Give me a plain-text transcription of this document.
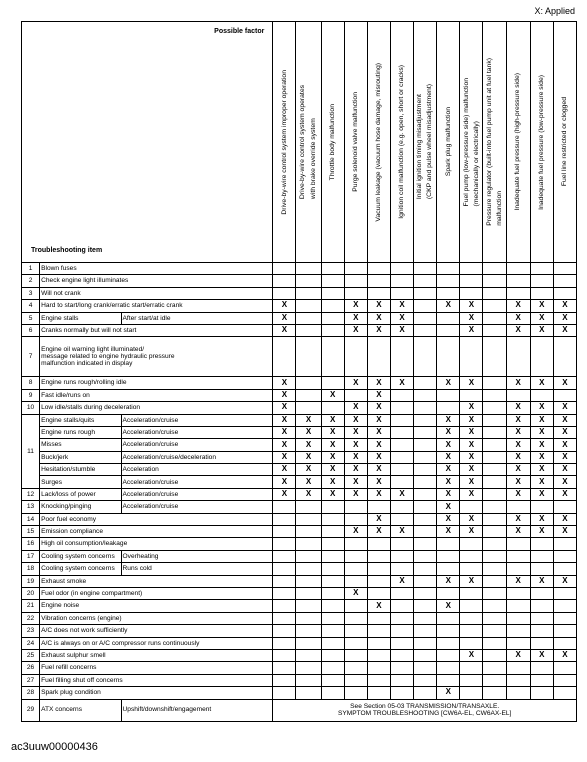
X: Applied
Possible factor
Troubleshooting item			Drive-by-wire control system improper operation	Drive-by-wire control system operates with brake override system	Throttle body malfunction	Purge solenoid valve malfunction	Vacuum leakage (vacuum hose damage, misrouting)	Ignition coil malfunction (e.g. open, short or cracks)	Initial ignition timing misadjustment (CKP and pulse wheel misadjustment)	Spark plug malfunction	Fuel pump (low-pressure side) malfunction (mechanically or electrically)	Pressure regulator (built-into fuel pump unit at fuel tank) malfunction	Inadequate fuel pressure (high-pressure side)	Inadequate fuel pressure (low-pressure side)	Fuel line restricted or clogged

1	Blown fuses														
2	Check engine light illuminates														
3	Will not crank														
4	Hard to start/long crank/erratic start/erratic crank		X			X	X	X		X	X		X	X	X
5	Engine stalls	After start/at idle	X			X	X	X			X		X	X	X
6	Cranks normally but will not start		X			X	X	X			X		X	X	X
7	Engine oil warning light illuminated/
message related to engine hydraulic pressure
malfunction indicated in display														
8	Engine runs rough/rolling idle		X			X	X	X		X	X		X	X	X
9	Fast idle/runs on		X		X		X								
10	Low idle/stalls during deceleration		X			X	X				X		X	X	X
11	Engine stalls/quits	Acceleration/cruise	X	X	X	X	X			X	X		X	X	X
	Engine runs rough	Acceleration/cruise	X	X	X	X	X			X	X		X	X	X
	Misses	Acceleration/cruise	X	X	X	X	X			X	X		X	X	X
	Buck/jerk	Acceleration/cruise/deceleration	X	X	X	X	X			X	X		X	X	X
	Hesitation/stumble	Acceleration	X	X	X	X	X			X	X		X	X	X
	Surges	Acceleration/cruise	X	X	X	X	X			X	X		X	X	X
12	Lack/loss of power	Acceleration/cruise	X	X	X	X	X	X		X	X		X	X	X
13	Knocking/pinging	Acceleration/cruise								X					
14	Poor fuel economy						X			X	X		X	X	X
15	Emission compliance					X	X	X		X	X		X	X	X
16	High oil consumption/leakage														
17	Cooling system concerns	Overheating													
18	Cooling system concerns	Runs cold													
19	Exhaust smoke							X		X	X		X	X	X
20	Fuel odor (in engine compartment)					X									
21	Engine noise						X			X					
22	Vibration concerns (engine)														
23	A/C does not work sufficiently														
24	A/C is always on or A/C compressor runs continuously														
25	Exhaust sulphur smell										X		X	X	X
26	Fuel refill concerns														
27	Fuel filling shut off concerns														
28	Spark plug condition									X					
29	ATX concerns	Upshift/downshift/engagement	See Section 05-03 TRANSMISSION/TRANSAXLE.
SYMPTOM TROUBLESHOOTING [CW6A-EL, CW6AX-EL]												
ac3uuw00000436
